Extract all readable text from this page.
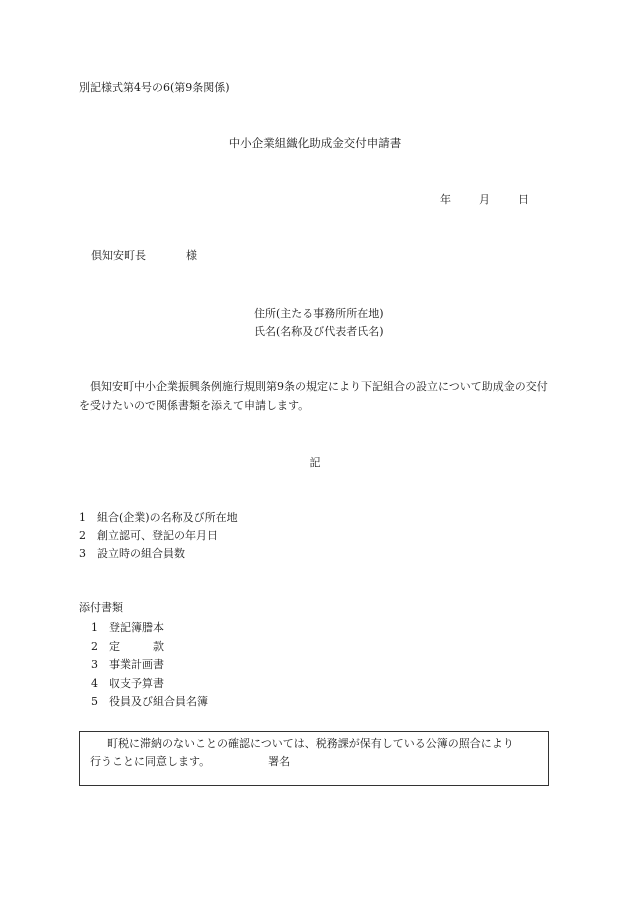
別記様式第4号の6(第9条関係)
中小企業組織化助成金交付申請書
年	月	日
倶知安町長	様
住所(主たる事務所所在地)
氏名(名称及び代表者氏名)
倶知安町中小企業振興条例施行規則第9条の規定により下記組合の設立について助成金の交付を受けたいので関係書類を添えて申請します。
記
1 組合(企業)の名称及び所在地
2 創立認可、登記の年月日
3 設立時の組合員数
添付書類
1 登記簿謄本
2 定　　　款
3 事業計画書
4 収支予算書
5 役員及び組合員名簿
町税に滞納のないことの確認については、税務課が保有している公簿の照合により
行うことに同意します。	署名
